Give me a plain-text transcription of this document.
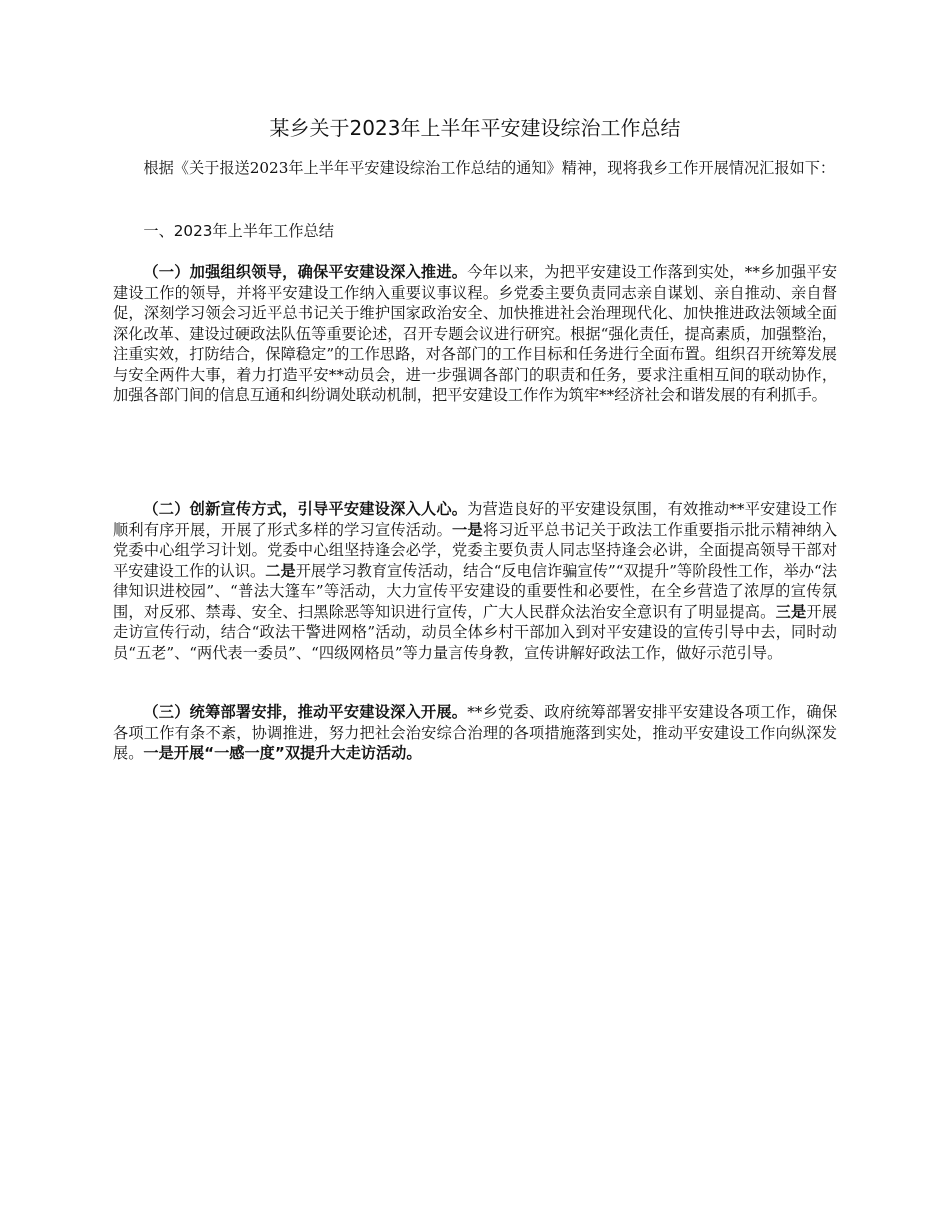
某乡关于2023年上半年平安建设综治工作总结

根据《关于报送2023年上半年平安建设综治工作总结的通知》精神，现将我乡工作开展情况汇报如下：

一、2023年上半年工作总结

（一）加强组织领导，确保平安建设深入推进。今年以来，为把平安建设工作落到实处，**乡加强平安建设工作的领导，并将平安建设工作纳入重要议事议程。乡党委主要负责同志亲自谋划、亲自推动、亲自督促，深刻学习领会习近平总书记关于维护国家政治安全、加快推进社会治理现代化、加快推进政法领域全面深化改革、建设过硬政法队伍等重要论述，召开专题会议进行研究。根据“强化责任，提高素质，加强整治，注重实效，打防结合，保障稳定”的工作思路，对各部门的工作目标和任务进行全面布置。组织召开统筹发展与安全两件大事，着力打造平安**动员会，进一步强调各部门的职责和任务，要求注重相互间的联动协作，加强各部门间的信息互通和纠纷调处联动机制，把平安建设工作作为筑牢**经济社会和谐发展的有利抓手。

（二）创新宣传方式，引导平安建设深入人心。为营造良好的平安建设氛围，有效推动**平安建设工作顺利有序开展，开展了形式多样的学习宣传活动。一是将习近平总书记关于政法工作重要指示批示精神纳入党委中心组学习计划。党委中心组坚持逢会必学，党委主要负责人同志坚持逢会必讲，全面提高领导干部对平安建设工作的认识。二是开展学习教育宣传活动，结合“反电信诈骗宣传”“双提升”等阶段性工作，举办“法律知识进校园”、“普法大篷车”等活动，大力宣传平安建设的重要性和必要性，在全乡营造了浓厚的宣传氛围，对反邪、禁毒、安全、扫黑除恶等知识进行宣传，广大人民群众法治安全意识有了明显提高。三是开展走访宣传行动，结合“政法干警进网格”活动，动员全体乡村干部加入到对平安建设的宣传引导中去，同时动员“五老”、“两代表一委员”、“四级网格员”等力量言传身教，宣传讲解好政法工作，做好示范引导。

（三）统筹部署安排，推动平安建设深入开展。**乡党委、政府统筹部署安排平安建设各项工作，确保各项工作有条不紊，协调推进，努力把社会治安综合治理的各项措施落到实处，推动平安建设工作向纵深发展。一是开展“一感一度”双提升大走访活动。
